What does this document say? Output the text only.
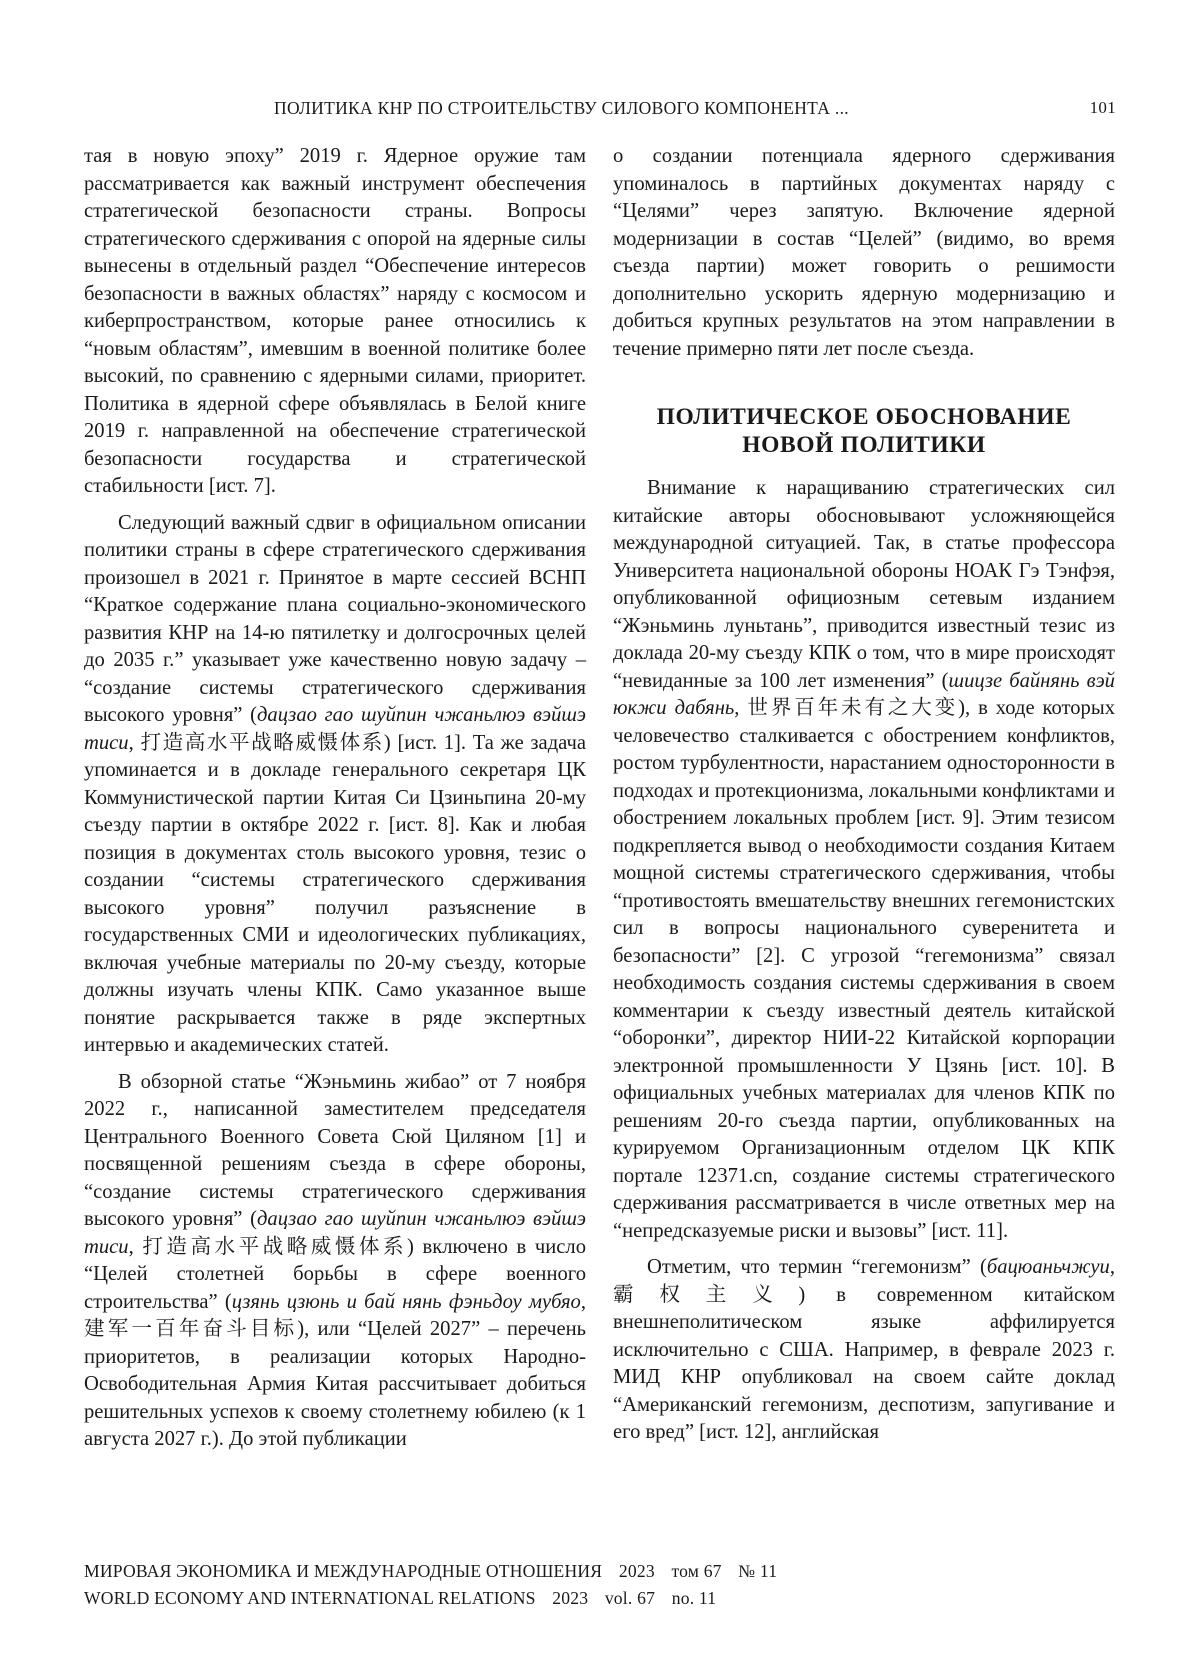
ПОЛИТИКА КНР ПО СТРОИТЕЛЬСТВУ СИЛОВОГО КОМПОНЕНТА ...	101

тая в новую эпоху” 2019 г. Ядерное оружие там рассматривается как важный инструмент обеспечения стратегической безопасности страны. Вопросы стратегического сдерживания с опорой на ядерные силы вынесены в отдельный раздел “Обеспечение интересов безопасности в важных областях” наряду с космосом и киберпространством, которые ранее относились к “новым областям”, имевшим в военной политике более высокий, по сравнению с ядерными силами, приоритет. Политика в ядерной сфере объявлялась в Белой книге 2019 г. направленной на обеспечение стратегической безопасности государства и стратегической стабильности [ист. 7].

Следующий важный сдвиг в официальном описании политики страны в сфере стратегического сдерживания произошел в 2021 г. Принятое в марте сессией ВСНП “Краткое содержание плана социально-экономического развития КНР на 14-ю пятилетку и долгосрочных целей до 2035 г.” указывает уже качественно новую задачу – “создание системы стратегического сдерживания высокого уровня” (дацзао гао шуйпин чжаньлюэ вэйшэ тиси, 打造高水平战略威慑体系) [ист. 1]. Та же задача упоминается и в докладе генерального секретаря ЦК Коммунистической партии Китая Си Цзиньпина 20-му съезду партии в октябре 2022 г. [ист. 8]. Как и любая позиция в документах столь высокого уровня, тезис о создании “системы стратегического сдерживания высокого уровня” получил разъяснение в государственных СМИ и идеологических публикациях, включая учебные материалы по 20-му съезду, которые должны изучать члены КПК. Само указанное выше понятие раскрывается также в ряде экспертных интервью и академических статей.

В обзорной статье “Жэньминь жибао” от 7 ноября 2022 г., написанной заместителем председателя Центрального Военного Совета Сюй Циляном [1] и посвященной решениям съезда в сфере обороны, “создание системы стратегического сдерживания высокого уровня” (дацзао гао шуйпин чжаньлюэ вэйшэ тиси, 打造高水平战略威慑体系) включено в число “Целей столетней борьбы в сфере военного строительства” (цзянь цзюнь и бай нянь фэньдоу мубяо, 建军一百年奋斗目标), или “Целей 2027” – перечень приоритетов, в реализации которых Народно-Освободительная Армия Китая рассчитывает добиться решительных успехов к своему столетнему юбилею (к 1 августа 2027 г.). До этой публикации

о создании потенциала ядерного сдерживания упоминалось в партийных документах наряду с “Целями” через запятую. Включение ядерной модернизации в состав “Целей” (видимо, во время съезда партии) может говорить о решимости дополнительно ускорить ядерную модернизацию и добиться крупных результатов на этом направлении в течение примерно пяти лет после съезда.

ПОЛИТИЧЕСКОЕ ОБОСНОВАНИЕ
НОВОЙ ПОЛИТИКИ

Внимание к наращиванию стратегических сил китайские авторы обосновывают усложняющейся международной ситуацией. Так, в статье профессора Университета национальной обороны НОАК Гэ Тэнфэя, опубликованной официозным сетевым изданием “Жэньминь луньтань”, приводится известный тезис из доклада 20-му съезду КПК о том, что в мире происходят “невиданные за 100 лет изменения” (шицзе байнянь вэй юкжи дабянь, 世界百年未有之大变), в ходе которых человечество сталкивается с обострением конфликтов, ростом турбулентности, нарастанием односторонности в подходах и протекционизма, локальными конфликтами и обострением локальных проблем [ист. 9]. Этим тезисом подкрепляется вывод о необходимости создания Китаем мощной системы стратегического сдерживания, чтобы “противостоять вмешательству внешних гегемонистских сил в вопросы национального суверенитета и безопасности” [2]. С угрозой “гегемонизма” связал необходимость создания системы сдерживания в своем комментарии к съезду известный деятель китайской “оборонки”, директор НИИ-22 Китайской корпорации электронной промышленности У Цзянь [ист. 10]. В официальных учебных материалах для членов КПК по решениям 20-го съезда партии, опубликованных на курируемом Организационным отделом ЦК КПК портале 12371.cn, создание системы стратегического сдерживания рассматривается в числе ответных мер на “непредсказуемые риски и вызовы” [ист. 11].

Отметим, что термин “гегемонизм” (бацюаньчжуи, 霸权主义) в современном китайском внешнеполитическом языке аффилируется исключительно с США. Например, в феврале 2023 г. МИД КНР опубликовал на своем сайте доклад “Американский гегемонизм, деспотизм, запугивание и его вред” [ист. 12], английская

МИРОВАЯ ЭКОНОМИКА И МЕЖДУНАРОДНЫЕ ОТНОШЕНИЯ 2023 том 67 № 11
WORLD ECONOMY AND INTERNATIONAL RELATIONS 2023 vol. 67 no. 11
